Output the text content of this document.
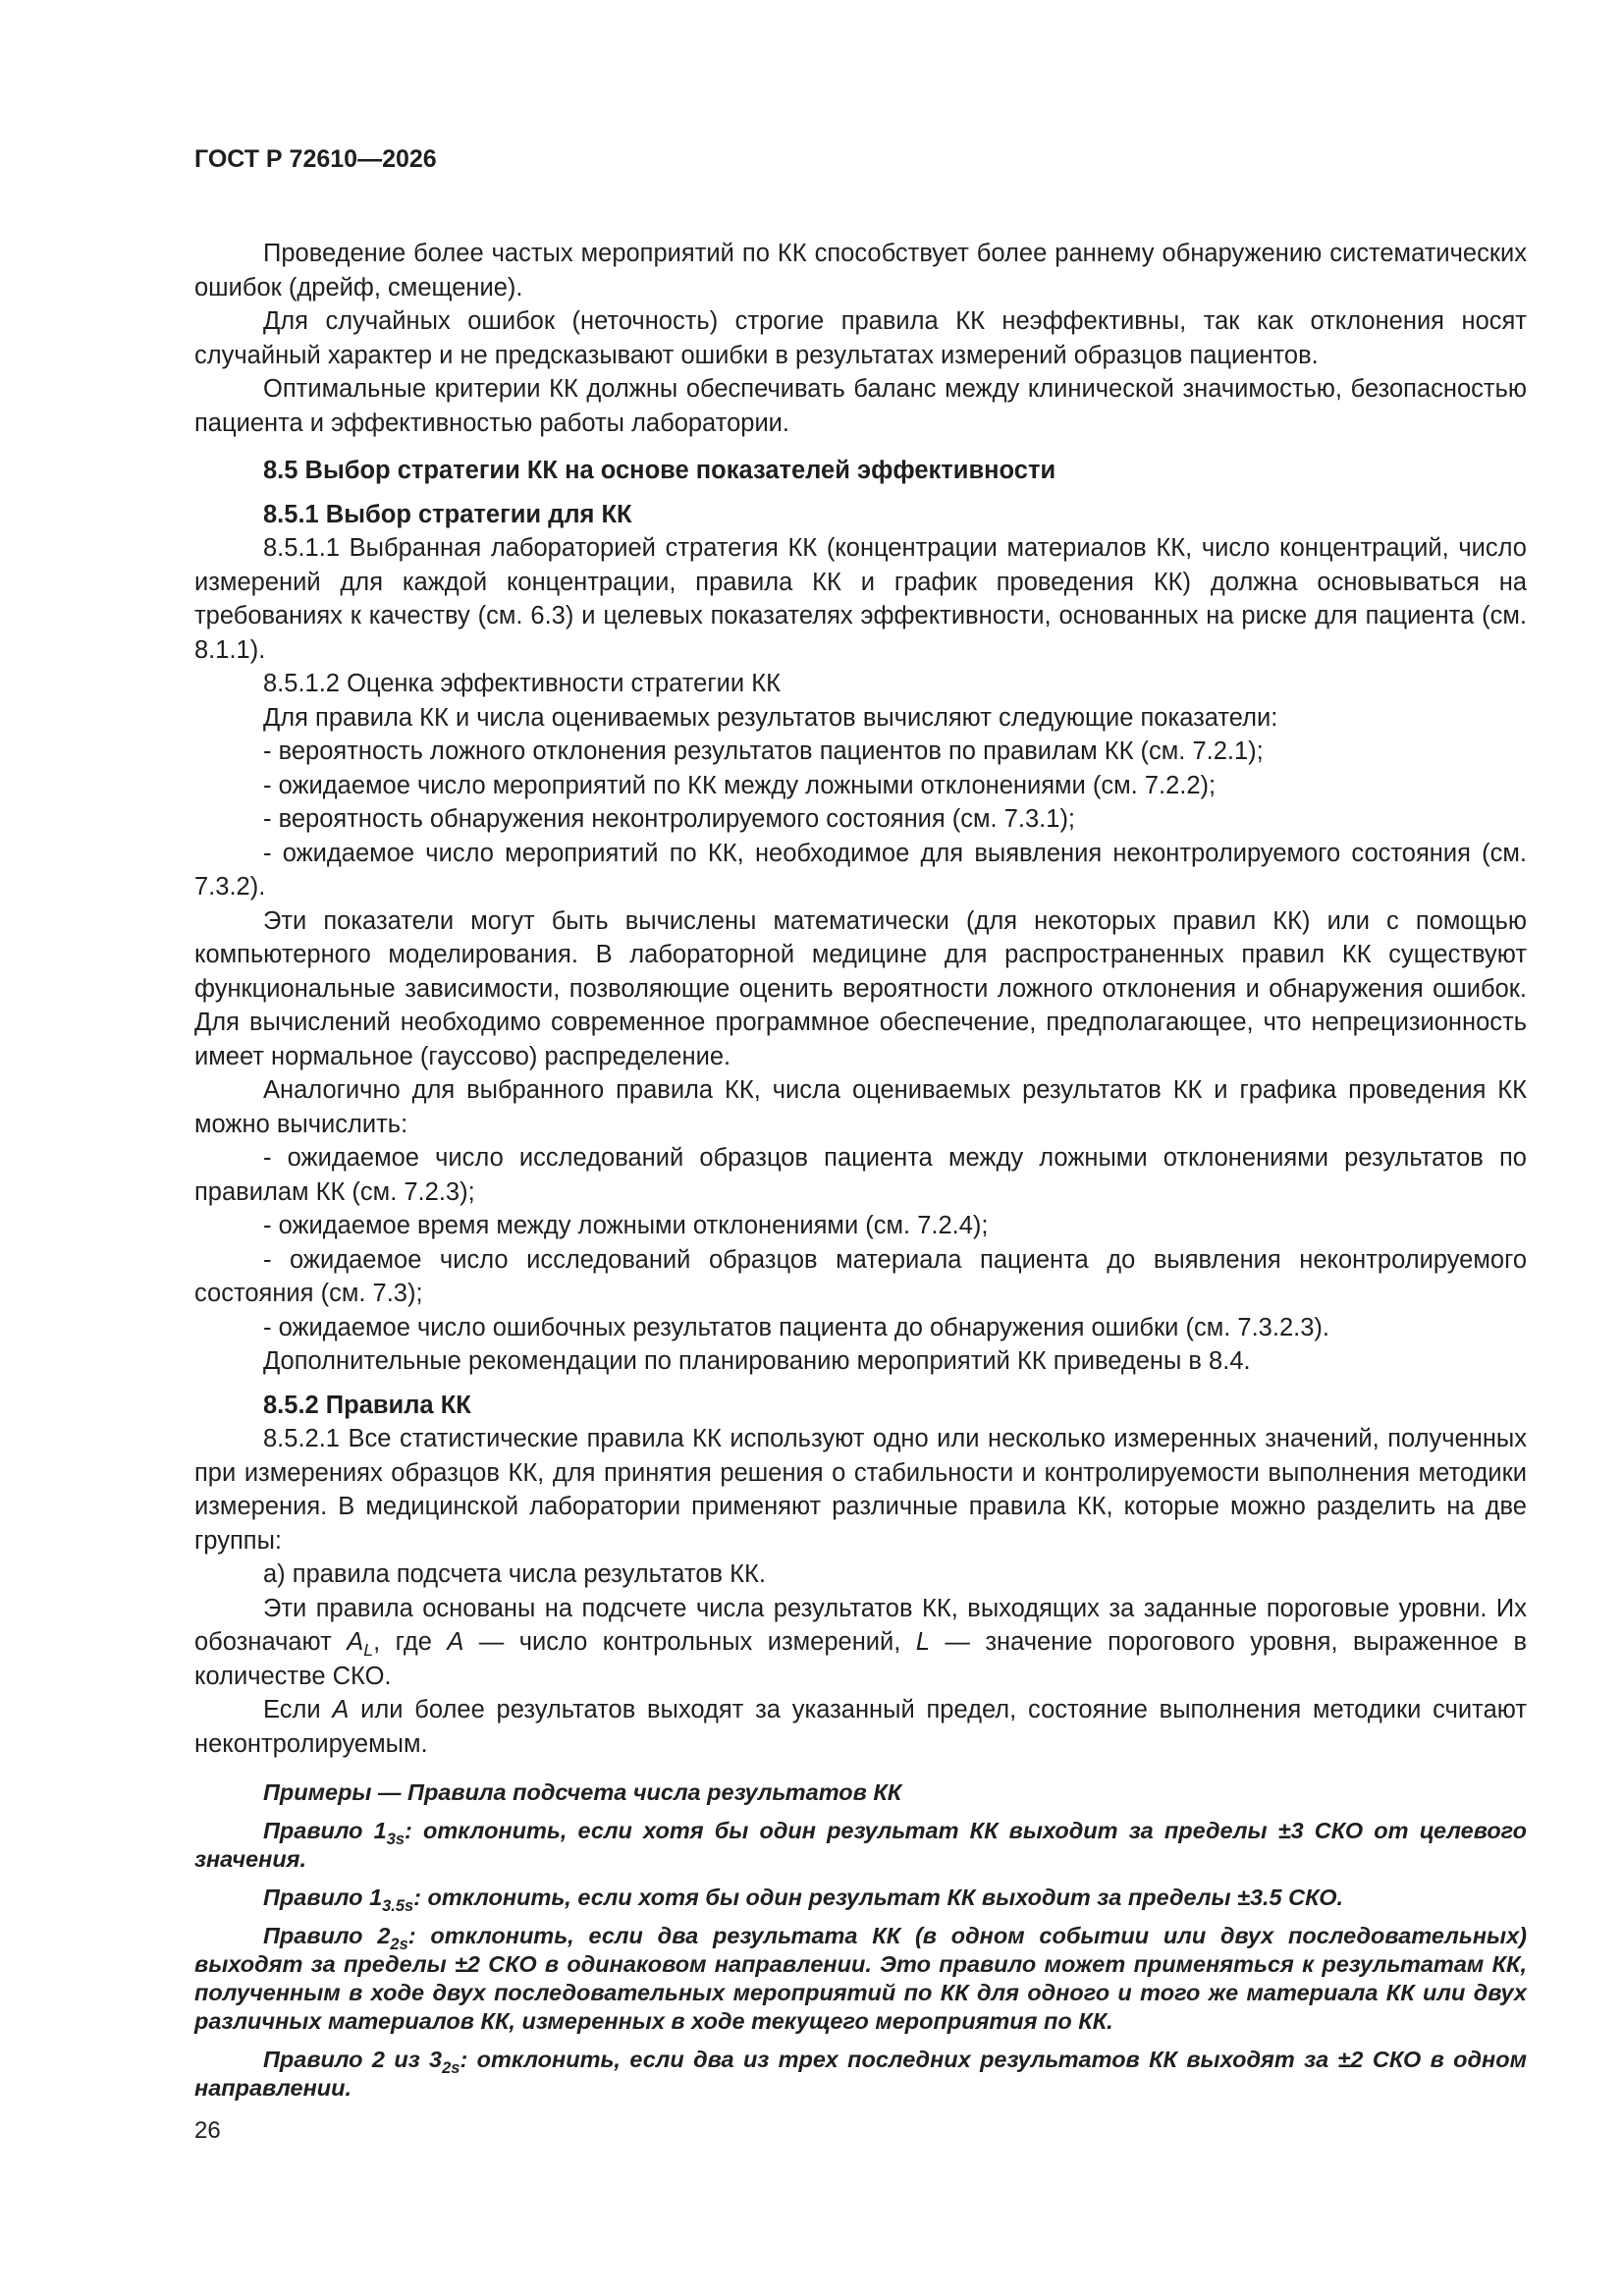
ГОСТ Р 72610—2026

Проведение более частых мероприятий по КК способствует более раннему обнаружению систематических ошибок (дрейф, смещение).

Для случайных ошибок (неточность) строгие правила КК неэффективны, так как отклонения носят случайный характер и не предсказывают ошибки в результатах измерений образцов пациентов.

Оптимальные критерии КК должны обеспечивать баланс между клинической значимостью, безопасностью пациента и эффективностью работы лаборатории.

8.5 Выбор стратегии КК на основе показателей эффективности
8.5.1 Выбор стратегии для КК

8.5.1.1 Выбранная лабораторией стратегия КК (концентрации материалов КК, число концентраций, число измерений для каждой концентрации, правила КК и график проведения КК) должна основываться на требованиях к качеству (см. 6.3) и целевых показателях эффективности, основанных на риске для пациента (см. 8.1.1).

8.5.1.2 Оценка эффективности стратегии КК

Для правила КК и числа оцениваемых результатов вычисляют следующие показатели:

- вероятность ложного отклонения результатов пациентов по правилам КК (см. 7.2.1);

- ожидаемое число мероприятий по КК между ложными отклонениями (см. 7.2.2);

- вероятность обнаружения неконтролируемого состояния (см. 7.3.1);

- ожидаемое число мероприятий по КК, необходимое для выявления неконтролируемого состояния (см. 7.3.2).

Эти показатели могут быть вычислены математически (для некоторых правил КК) или с помощью компьютерного моделирования. В лабораторной медицине для распространенных правил КК существуют функциональные зависимости, позволяющие оценить вероятности ложного отклонения и обнаружения ошибок. Для вычислений необходимо современное программное обеспечение, предполагающее, что непрецизионность имеет нормальное (гауссово) распределение.

Аналогично для выбранного правила КК, числа оцениваемых результатов КК и графика проведения КК можно вычислить:

- ожидаемое число исследований образцов пациента между ложными отклонениями результатов по правилам КК (см. 7.2.3);

- ожидаемое время между ложными отклонениями (см. 7.2.4);

- ожидаемое число исследований образцов материала пациента до выявления неконтролируемого состояния (см. 7.3);

- ожидаемое число ошибочных результатов пациента до обнаружения ошибки (см. 7.3.2.3).

Дополнительные рекомендации по планированию мероприятий КК приведены в 8.4.

8.5.2 Правила КК

8.5.2.1 Все статистические правила КК используют одно или несколько измеренных значений, полученных при измерениях образцов КК, для принятия решения о стабильности и контролируемости выполнения методики измерения. В медицинской лаборатории применяют различные правила КК, которые можно разделить на две группы:

а) правила подсчета числа результатов КК.

Эти правила основаны на подсчете числа результатов КК, выходящих за заданные пороговые уровни. Их обозначают $A_L$, где A — число контрольных измерений, L — значение порогового уровня, выраженное в количестве СКО.

Если A или более результатов выходят за указанный предел, состояние выполнения методики считают неконтролируемым.

Примеры — Правила подсчета числа результатов КК

Правило $1_{3s}$: отклонить, если хотя бы один результат КК выходит за пределы ±3 СКО от целевого значения.

Правило $1_{3.5s}$: отклонить, если хотя бы один результат КК выходит за пределы ±3.5 СКО.

Правило $2_{2s}$: отклонить, если два результата КК (в одном событии или двух последовательных) выходят за пределы ±2 СКО в одинаковом направлении. Это правило может применяться к результатам КК, полученным в ходе двух последовательных мероприятий по КК для одного и того же материала КК или двух различных материалов КК, измеренных в ходе текущего мероприятия по КК.

Правило 2 из $3_{2s}$: отклонить, если два из трех последних результатов КК выходят за ±2 СКО в одном направлении.

26
